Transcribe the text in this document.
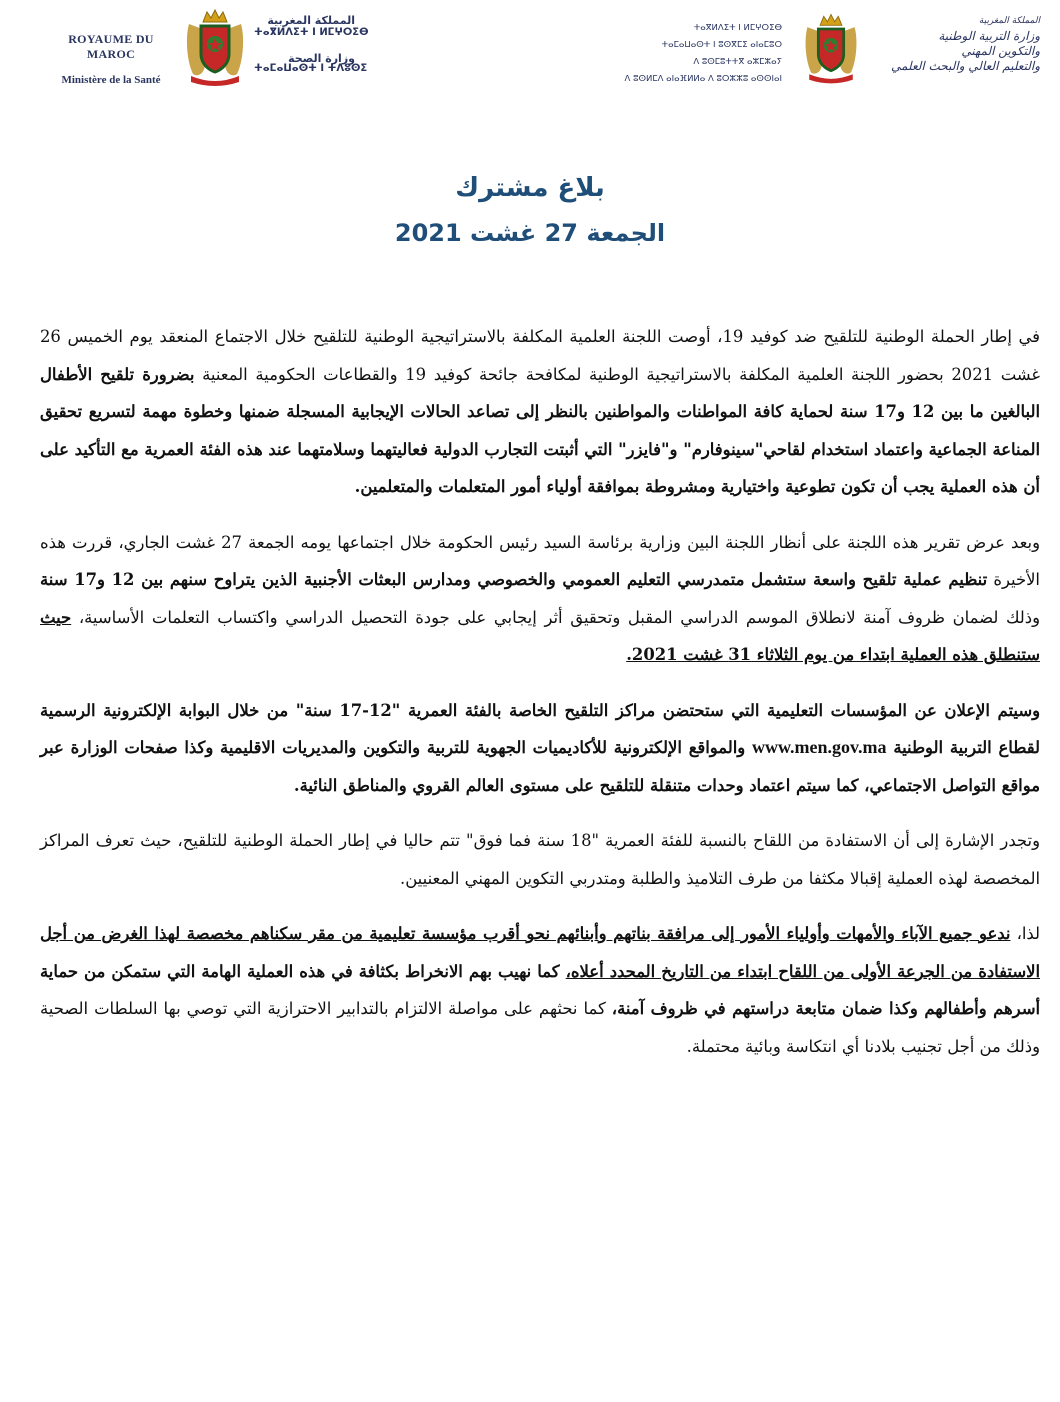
ROYAUME DU MAROC
Ministère de la Santé
المملكة المغربية
وزارة الصحة
ⵜⴰⴳⵍⴷⵉⵜ ⵏ ⵍⵎⵖⵔⵉⴱ
ⵜⴰⵎⴰⵡⴰⵙⵜ ⵏ ⵜⴷⵓⵙⵉ
ⵜⴰⴳⵍⴷⵉⵜ ⵏ ⵍⵎⵖⵔⵉⴱ
ⵜⴰⵎⴰⵡⴰⵙⵜ ⵏ ⵓⵙⴳⵎⵉ ⴰⵏⴰⵎⵓⵔ
ⴷ ⵓⵙⵎⵓⵜⵜⴳ ⴰⵣⵎⵣⴰⵢ
ⴷ ⵓⵙⵍⵎⴷ ⴰⵏⴰⴼⵍⵍⴰ ⴷ ⵓⵔⵣⵣⵓ ⴰⵙⵙⵏⴰⵏ
المملكة المغربية
وزارة التربية الوطنية
والتكوين المهني
والتعليم العالي والبحث العلمي
بلاغ مشترك
الجمعة 27 غشت 2021

في إطار الحملة الوطنية للتلقيح ضد كوفيد 19، أوصت اللجنة العلمية المكلفة بالاستراتيجية الوطنية للتلقيح خلال الاجتماع المنعقد يوم الخميس 26 غشت 2021 بحضور اللجنة العلمية المكلفة بالاستراتيجية الوطنية لمكافحة جائحة كوفيد 19 والقطاعات الحكومية المعنية بضرورة تلقيح الأطفال البالغين ما بين 12 و17 سنة لحماية كافة المواطنات والمواطنين بالنظر إلى تصاعد الحالات الإيجابية المسجلة ضمنها وخطوة مهمة لتسريع تحقيق المناعة الجماعية واعتماد استخدام لقاحي"سينوفارم" و"فايزر" التي أثبتت التجارب الدولية فعاليتهما وسلامتهما عند هذه الفئة العمرية مع التأكيد على أن هذه العملية يجب أن تكون تطوعية واختيارية ومشروطة بموافقة أولياء أمور المتعلمات والمتعلمين.

وبعد عرض تقرير هذه اللجنة على أنظار اللجنة البين وزارية برئاسة السيد رئيس الحكومة خلال اجتماعها يومه الجمعة 27 غشت الجاري، قررت هذه الأخيرة تنظيم عملية تلقيح واسعة ستشمل متمدرسي التعليم العمومي والخصوصي ومدارس البعثات الأجنبية الذين يتراوح سنهم بين 12 و17 سنة وذلك لضمان ظروف آمنة لانطلاق الموسم الدراسي المقبل وتحقيق أثر إيجابي على جودة التحصيل الدراسي واكتساب التعلمات الأساسية، حيث ستنطلق هذه العملية ابتداء من يوم الثلاثاء 31 غشت 2021.

وسيتم الإعلان عن المؤسسات التعليمية التي ستحتضن مراكز التلقيح الخاصة بالفئة العمرية "12-17 سنة" من خلال البوابة الإلكترونية الرسمية لقطاع التربية الوطنية www.men.gov.ma والمواقع الإلكترونية للأكاديميات الجهوية للتربية والتكوين والمديريات الاقليمية وكذا صفحات الوزارة عبر مواقع التواصل الاجتماعي، كما سيتم اعتماد وحدات متنقلة للتلقيح على مستوى العالم القروي والمناطق النائية.

وتجدر الإشارة إلى أن الاستفادة من اللقاح بالنسبة للفئة العمرية "18 سنة فما فوق" تتم حاليا في إطار الحملة الوطنية للتلقيح، حيث تعرف المراكز المخصصة لهذه العملية إقبالا مكثفا من طرف التلاميذ والطلبة ومتدربي التكوين المهني المعنيين.

لذا، ندعو جميع الآباء والأمهات وأولياء الأمور إلى مرافقة بناتهم وأبنائهم نحو أقرب مؤسسة تعليمية من مقر سكناهم مخصصة لهذا الغرض من أجل الاستفادة من الجرعة الأولى من اللقاح ابتداء من التاريخ المحدد أعلاه، كما نهيب بهم الانخراط بكثافة في هذه العملية الهامة التي ستمكن من حماية أسرهم وأطفالهم وكذا ضمان متابعة دراستهم في ظروف آمنة، كما نحثهم على مواصلة الالتزام بالتدابير الاحترازية التي توصي بها السلطات الصحية وذلك من أجل تجنيب بلادنا أي انتكاسة وبائية محتملة.
